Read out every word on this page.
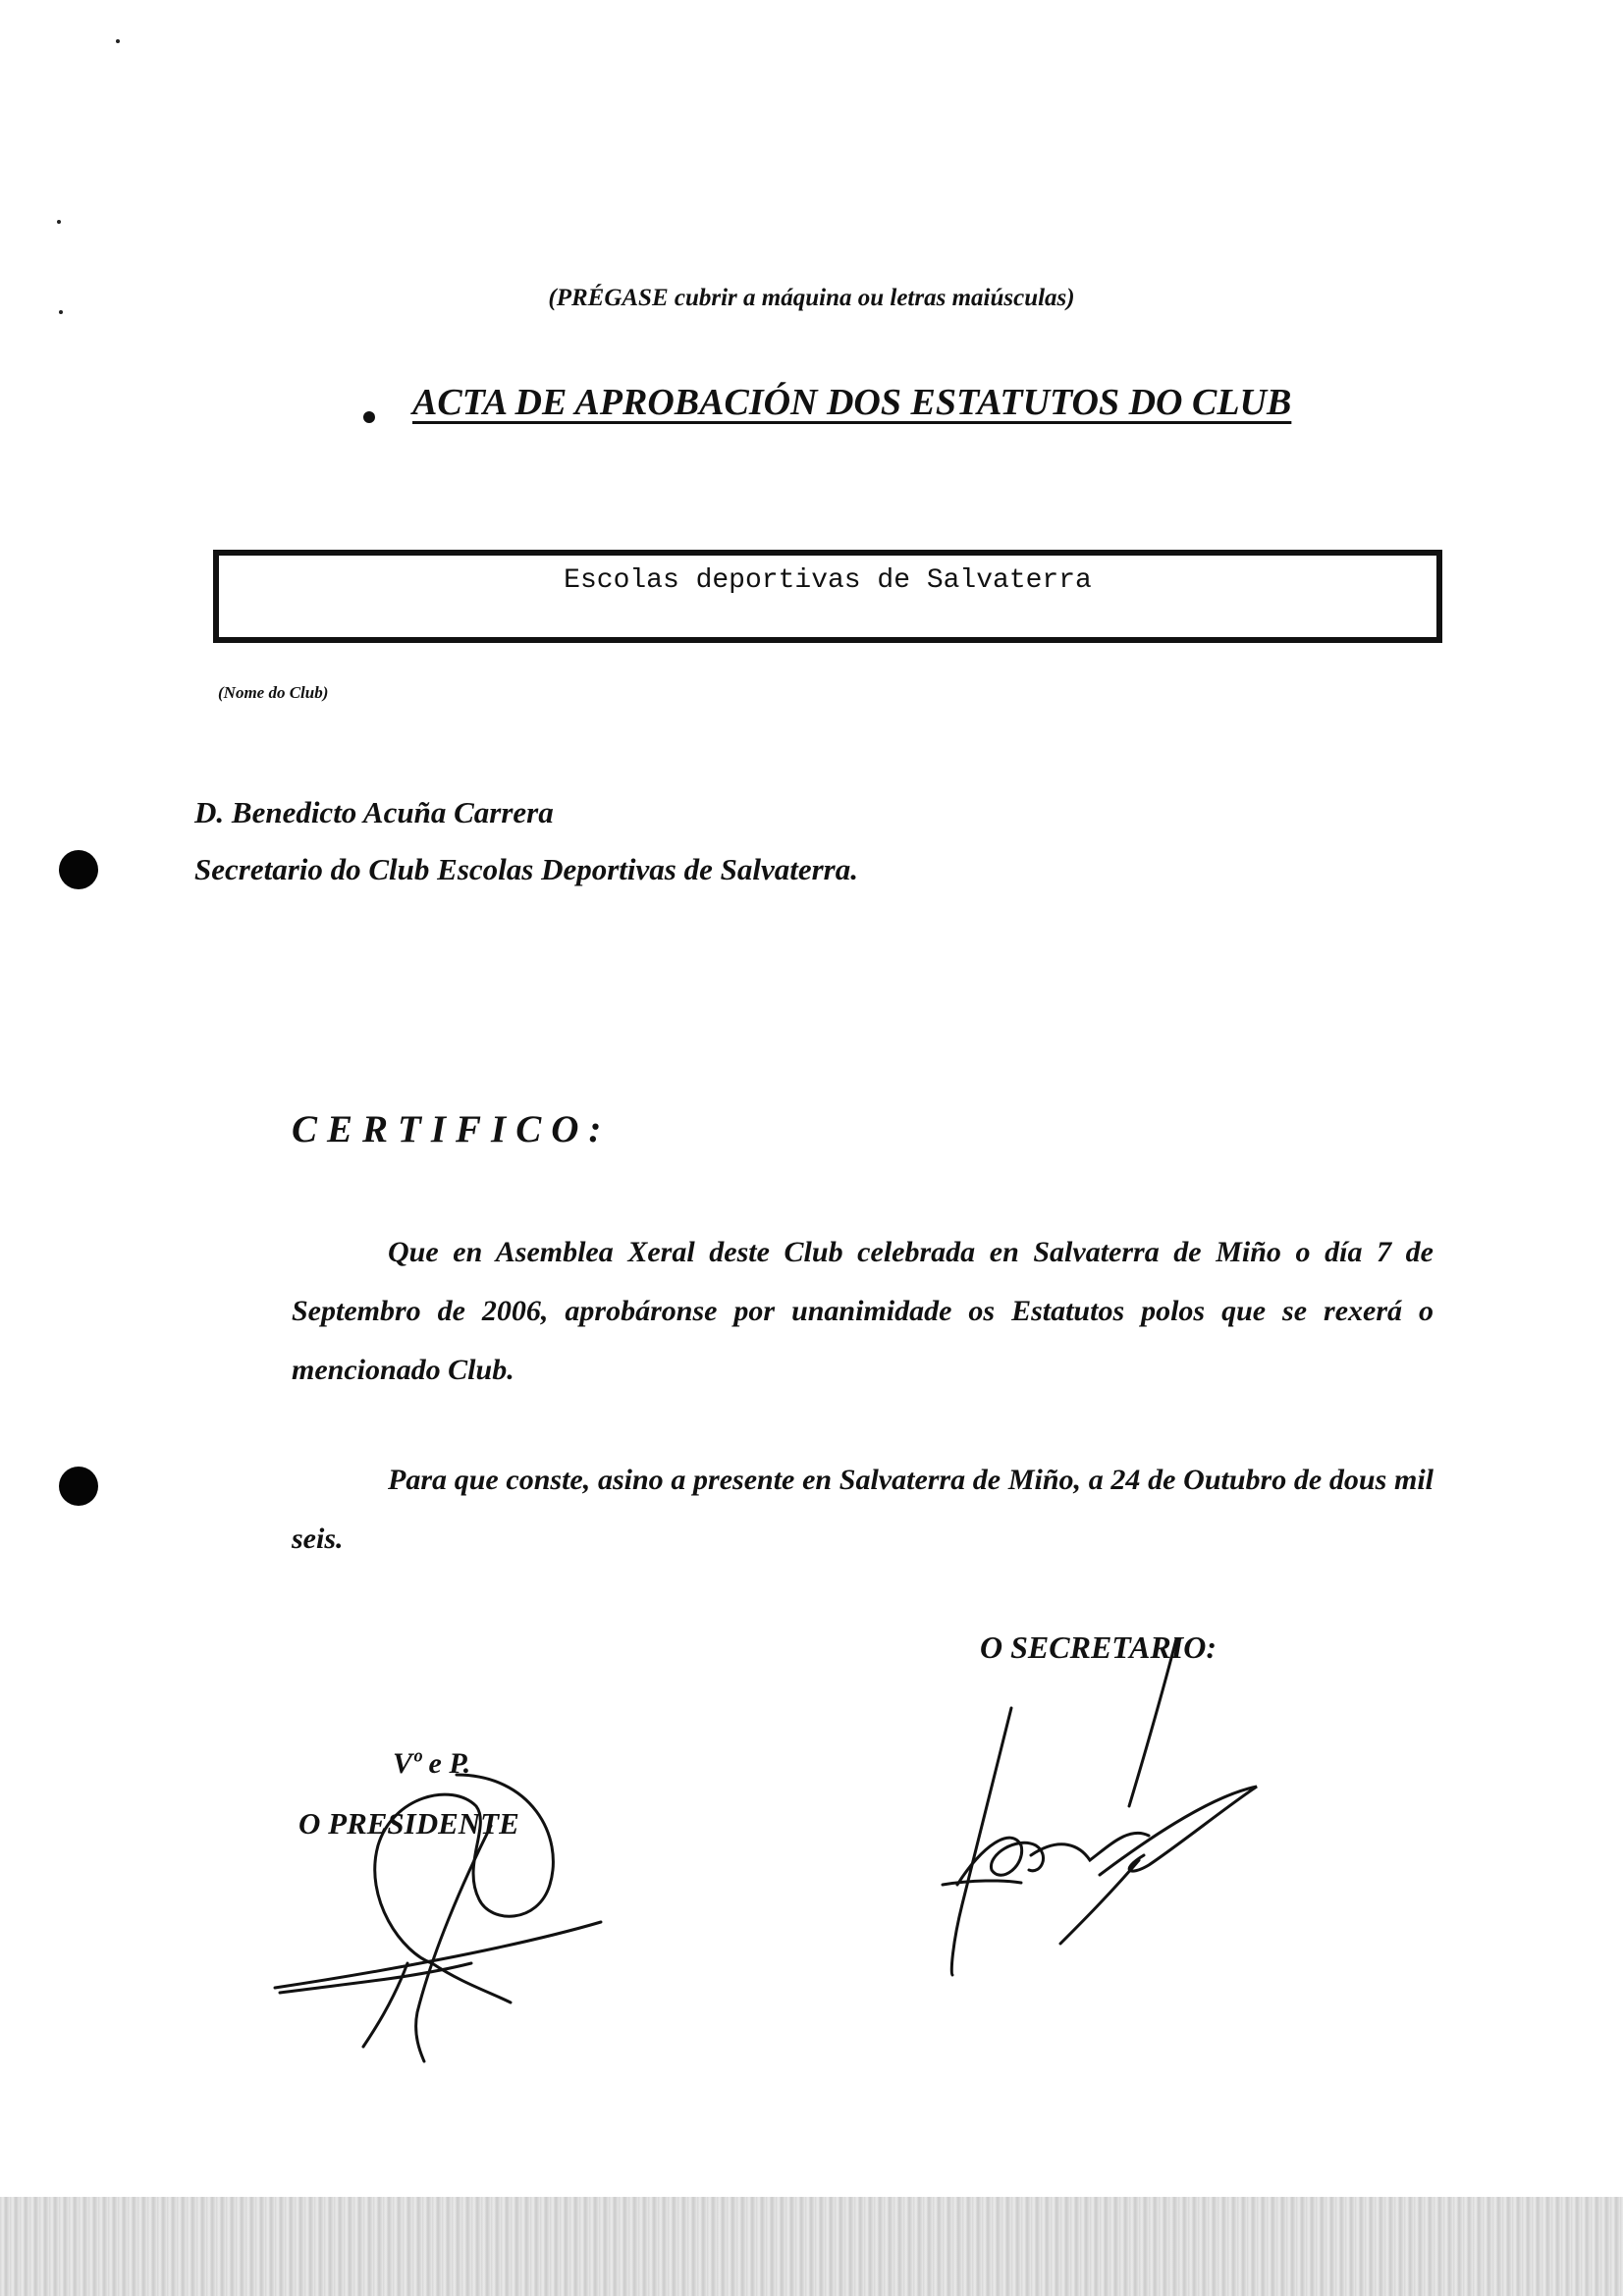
(PRÉGASE cubrir a máquina ou letras maiúsculas)
ACTA DE APROBACIÓN DOS ESTATUTOS DO CLUB
Escolas deportivas de Salvaterra
(Nome do Club)
D. Benedicto Acuña Carrera
Secretario do Club Escolas Deportivas de Salvaterra.
CERTIFICO:
Que en Asemblea Xeral deste Club celebrada en Salvaterra de Miño o día 7 de Septembro de 2006, aprobáronse por unanimidade os Estatutos polos que se rexerá o mencionado Club.
Para que conste, asino a presente en Salvaterra de Miño, a 24 de Outubro de dous mil seis.
O SECRETARIO:
Vº e P.
O PRESIDENTE
